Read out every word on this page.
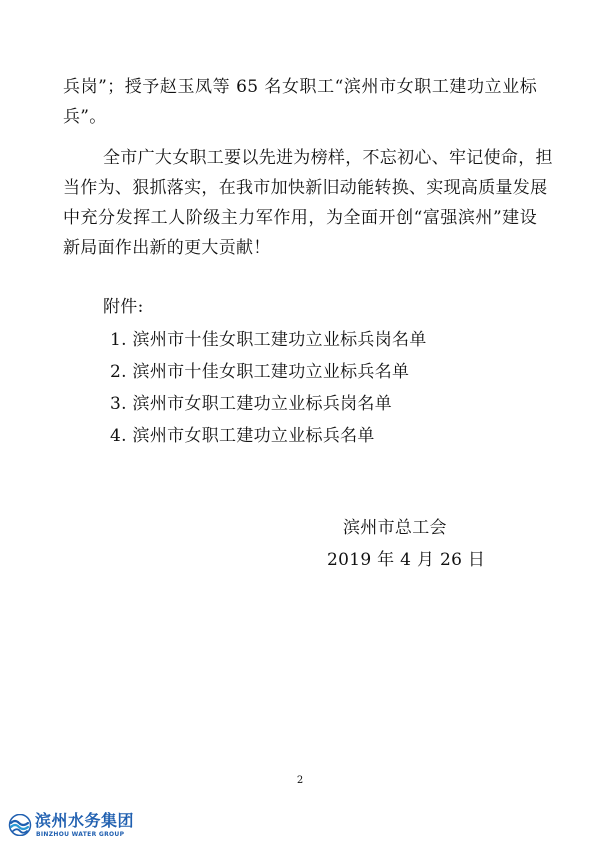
兵岗”；授予赵玉凤等 65 名女职工“滨州市女职工建功立业标
兵”。
全市广大女职工要以先进为榜样，不忘初心、牢记使命，担
当作为、狠抓落实，在我市加快新旧动能转换、实现高质量发展
中充分发挥工人阶级主力军作用，为全面开创“富强滨州”建设
新局面作出新的更大贡献！
附件:
1. 滨州市十佳女职工建功立业标兵岗名单
2. 滨州市十佳女职工建功立业标兵名单
3. 滨州市女职工建功立业标兵岗名单
4. 滨州市女职工建功立业标兵名单
滨州市总工会
2019 年 4 月 26 日
2
滨州水务集团
BINZHOU WATER GROUP
